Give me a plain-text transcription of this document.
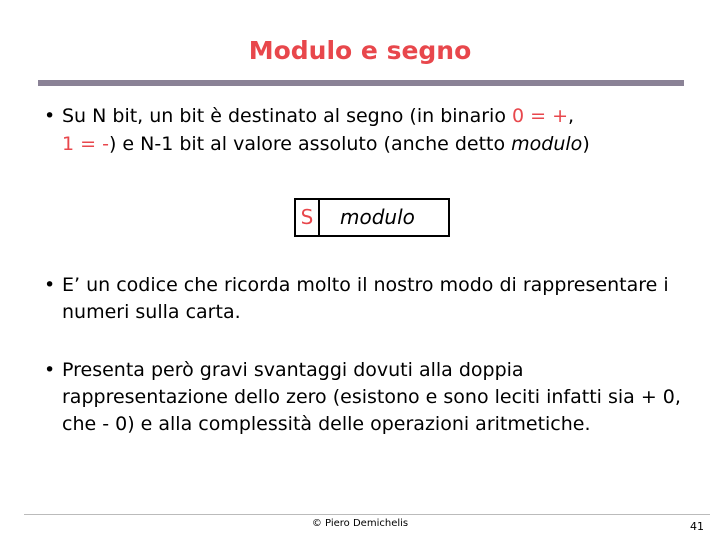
Modulo e segno
• Su N bit, un bit è destinato al segno (in binario 0 = +,
1 = -) e N-1 bit al valore assoluto (anche detto modulo)
S	modulo
• E’ un codice che ricorda molto il nostro modo di rappresentare i numeri sulla carta.
• Presenta però gravi svantaggi dovuti alla doppia rappresentazione dello zero (esistono e sono leciti infatti sia + 0, che - 0) e alla complessità delle operazioni aritmetiche.
© Piero Demichelis	41
